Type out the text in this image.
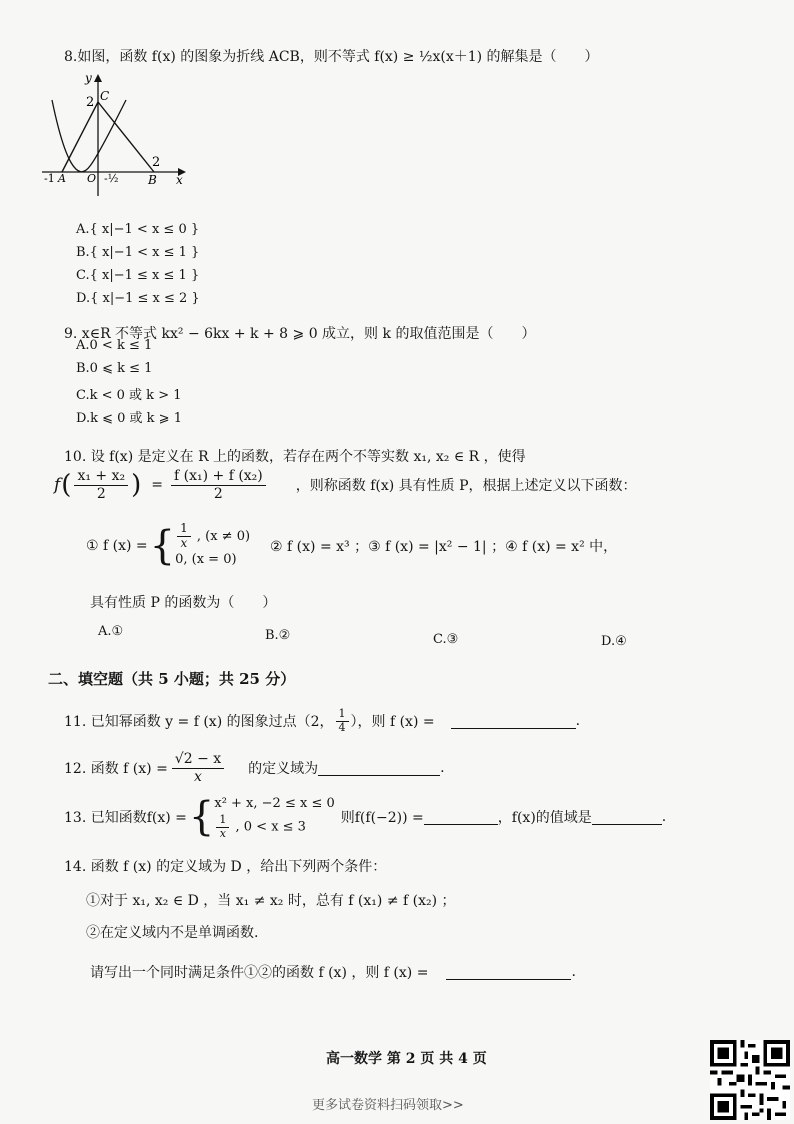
8.如图，函数 f(x) 的图象为折线 ACB，则不等式 f(x) ≥ ½x(x＋1) 的解集是（　　）
y
2 C
2
B x
-1 A O -½
A.{ x|−1 < x ≤ 0 }
B.{ x|−1 < x ≤ 1 }
C.{ x|−1 ≤ x ≤ 1 }
D.{ x|−1 ≤ x ≤ 2 }
9. x∈R 不等式 kx² − 6kx + k + 8 ⩾ 0 成立，则 k 的取值范围是（　　）
A.0 < k ≤ 1
B.0 ⩽ k ≤ 1
C.k < 0 或 k > 1
D.k ⩽ 0 或 k ⩾ 1
10. 设 f(x) 是定义在 R 上的函数，若存在两个不等实数 x₁, x₂ ∈ R ，使得
f ( $\frac{\text{x₁ + x₂}}{2}$ ) = $\frac{\text{f (x₁) + f (x₂)}}{2}$ ，则称函数 f(x) 具有性质 P，根据上述定义以下函数：
① f (x) = { $\frac{1}{x}$ , (x ≠ 0)
0, (x = 0)
② f (x) = x³ ；③ f (x) = |x² − 1| ；④ f (x) = x² 中，
具有性质 P 的函数为（　　）
A.①	B.②	C.③	D.④
二、填空题（共 5 小题；共 25 分）
11. 已知幂函数 y = f (x) 的图象过点（2， $\frac{1}{4}$ ），则 f (x) =	.
12. 函数 f $(x) = \frac{√2 - x}{x}$ 的定义域为	.
13. 已知函数f(x) = { x² + x, −2 ≤ x ≤ 0
$\frac{1}{x}$ , 0 < x ≤ 3
则f(f(−2)) =	，f(x)的值域是	.
14. 函数 f (x) 的定义域为 D ，给出下列两个条件：
①对于 x₁, x₂ ∈ D ，当 x₁ ≠ x₂ 时，总有 f (x₁) ≠ f (x₂) ；
②在定义域内不是单调函数.
请写出一个同时满足条件①②的函数 f (x) ，则 f (x) =	.
高一数学 第 2 页 共 4 页
更多试卷资料扫码领取>>
